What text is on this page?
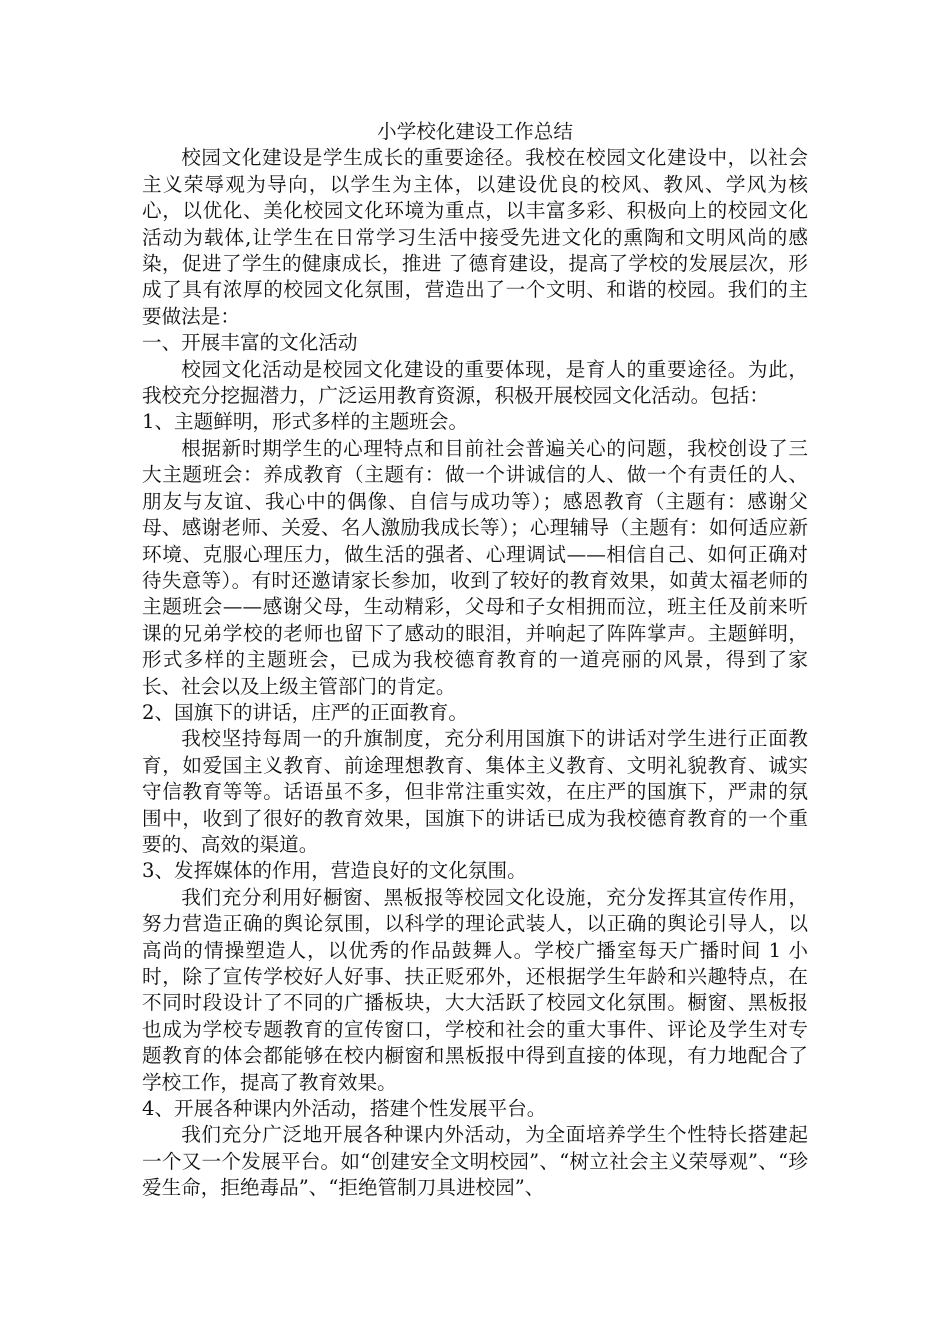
小学校化建设工作总结

校园文化建设是学生成长的重要途径。我校在校园文化建设中，以社会主义荣辱观为导向，以学生为主体，以建设优良的校风、教风、学风为核心，以优化、美化校园文化环境为重点，以丰富多彩、积极向上的校园文化活动为载体,让学生在日常学习生活中接受先进文化的熏陶和文明风尚的感染，促进了学生的健康成长，推进 了德育建设，提高了学校的发展层次，形成了具有浓厚的校园文化氛围，营造出了一个文明、和谐的校园。我们的主要做法是：

一、开展丰富的文化活动

校园文化活动是校园文化建设的重要体现，是育人的重要途径。为此，我校充分挖掘潜力，广泛运用教育资源，积极开展校园文化活动。包括：

1、主题鲜明，形式多样的主题班会。

根据新时期学生的心理特点和目前社会普遍关心的问题，我校创设了三大主题班会：养成教育（主题有：做一个讲诚信的人、做一个有责任的人、朋友与友谊、我心中的偶像、自信与成功等）；感恩教育（主题有：感谢父母、感谢老师、关爱、名人激励我成长等）；心理辅导（主题有：如何适应新环境、克服心理压力，做生活的强者、心理调试——相信自己、如何正确对待失意等）。有时还邀请家长参加，收到了较好的教育效果，如黄太福老师的主题班会——感谢父母，生动精彩，父母和子女相拥而泣，班主任及前来听课的兄弟学校的老师也留下了感动的眼泪，并响起了阵阵掌声。主题鲜明，形式多样的主题班会，已成为我校德育教育的一道亮丽的风景，得到了家长、社会以及上级主管部门的肯定。

2、国旗下的讲话，庄严的正面教育。

我校坚持每周一的升旗制度，充分利用国旗下的讲话对学生进行正面教育，如爱国主义教育、前途理想教育、集体主义教育、文明礼貌教育、诚实守信教育等等。话语虽不多，但非常注重实效，在庄严的国旗下，严肃的氛围中，收到了很好的教育效果，国旗下的讲话已成为我校德育教育的一个重要的、高效的渠道。

3、发挥媒体的作用，营造良好的文化氛围。

我们充分利用好橱窗、黑板报等校园文化设施，充分发挥其宣传作用，努力营造正确的舆论氛围，以科学的理论武装人，以正确的舆论引导人，以高尚的情操塑造人，以优秀的作品鼓舞人。学校广播室每天广播时间 1 小时，除了宣传学校好人好事、扶正贬邪外，还根据学生年龄和兴趣特点，在不同时段设计了不同的广播板块，大大活跃了校园文化氛围。橱窗、黑板报也成为学校专题教育的宣传窗口，学校和社会的重大事件、评论及学生对专题教育的体会都能够在校内橱窗和黑板报中得到直接的体现，有力地配合了学校工作，提高了教育效果。

4、开展各种课内外活动，搭建个性发展平台。

我们充分广泛地开展各种课内外活动，为全面培养学生个性特长搭建起一个又一个发展平台。如“创建安全文明校园”、“树立社会主义荣辱观”、“珍爱生命，拒绝毒品”、“拒绝管制刀具进校园”、
